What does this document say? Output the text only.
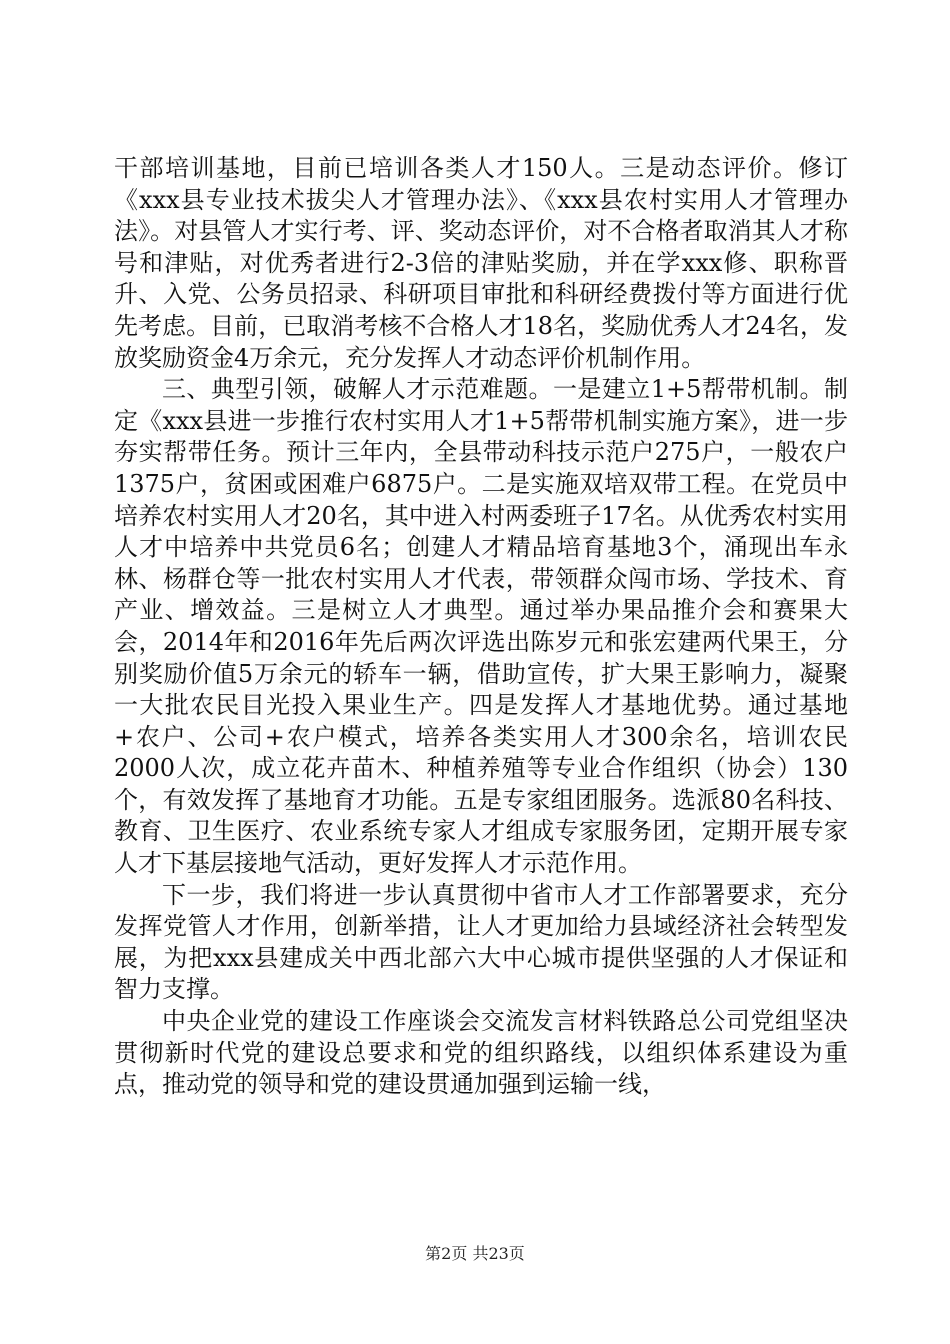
干部培训基地，目前已培训各类人才150人。三是动态评价。修订《xxx县专业技术拔尖人才管理办法》、《xxx县农村实用人才管理办法》。对县管人才实行考、评、奖动态评价，对不合格者取消其人才称号和津贴，对优秀者进行2-3倍的津贴奖励，并在学xxx修、职称晋升、入党、公务员招录、科研项目审批和科研经费拨付等方面进行优先考虑。目前，已取消考核不合格人才18名，奖励优秀人才24名，发放奖励资金4万余元，充分发挥人才动态评价机制作用。

三、典型引领，破解人才示范难题。一是建立1+5帮带机制。制定《xxx县进一步推行农村实用人才1+5帮带机制实施方案》，进一步夯实帮带任务。预计三年内，全县带动科技示范户275户，一般农户1375户，贫困或困难户6875户。二是实施双培双带工程。在党员中培养农村实用人才20名，其中进入村两委班子17名。从优秀农村实用人才中培养中共党员6名；创建人才精品培育基地3个，涌现出车永林、杨群仓等一批农村实用人才代表，带领群众闯市场、学技术、育产业、增效益。三是树立人才典型。通过举办果品推介会和赛果大会，2014年和2016年先后两次评选出陈岁元和张宏建两代果王，分别奖励价值5万余元的轿车一辆，借助宣传，扩大果王影响力，凝聚一大批农民目光投入果业生产。四是发挥人才基地优势。通过基地+农户、公司+农户模式，培养各类实用人才300余名，培训农民2000人次，成立花卉苗木、种植养殖等专业合作组织（协会）130个，有效发挥了基地育才功能。五是专家组团服务。选派80名科技、教育、卫生医疗、农业系统专家人才组成专家服务团，定期开展专家人才下基层接地气活动，更好发挥人才示范作用。

下一步，我们将进一步认真贯彻中省市人才工作部署要求，充分发挥党管人才作用，创新举措，让人才更加给力县域经济社会转型发展，为把xxx县建成关中西北部六大中心城市提供坚强的人才保证和智力支撑。

中央企业党的建设工作座谈会交流发言材料铁路总公司党组坚决贯彻新时代党的建设总要求和党的组织路线，以组织体系建设为重点，推动党的领导和党的建设贯通加强到运输一线，

第2页 共23页
